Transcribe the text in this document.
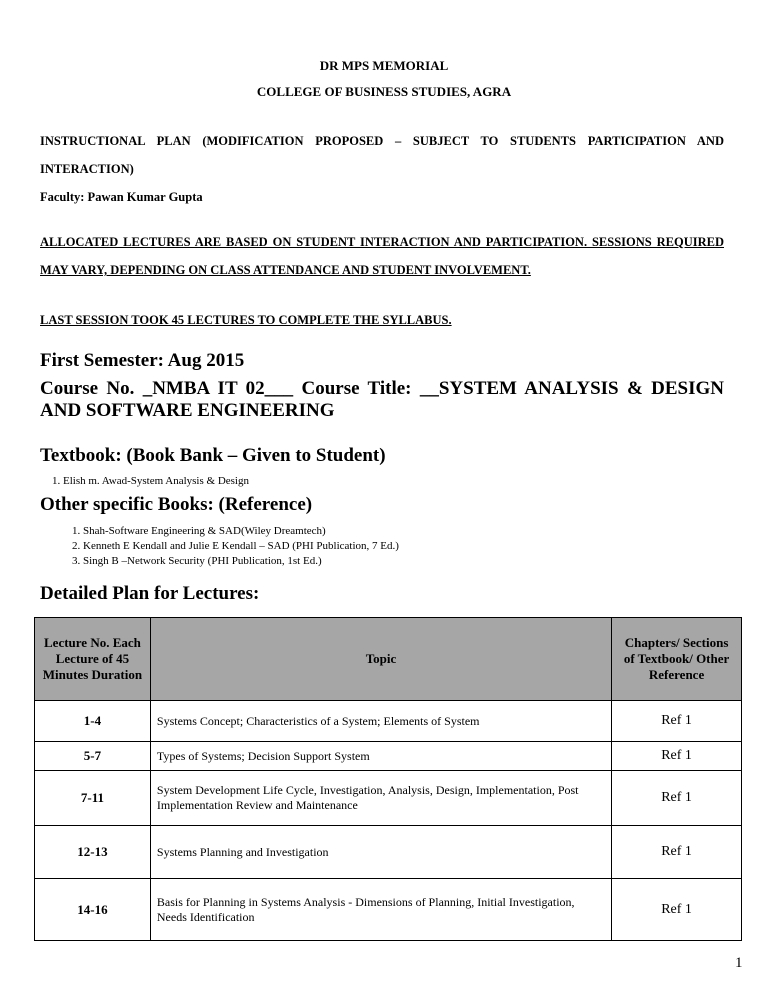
DR MPS MEMORIAL
COLLEGE OF BUSINESS STUDIES, AGRA
INSTRUCTIONAL PLAN (MODIFICATION PROPOSED – SUBJECT TO STUDENTS PARTICIPATION AND INTERACTION)
Faculty: Pawan Kumar Gupta
ALLOCATED LECTURES ARE BASED ON STUDENT INTERACTION AND PARTICIPATION. SESSIONS REQUIRED MAY VARY, DEPENDING ON CLASS ATTENDANCE AND STUDENT INVOLVEMENT.
LAST SESSION TOOK 45 LECTURES TO COMPLETE THE SYLLABUS.
First Semester: Aug 2015
Course No. _NMBA IT 02___ Course Title: __SYSTEM ANALYSIS & DESIGN AND SOFTWARE ENGINEERING
Textbook: (Book Bank – Given to Student)
1. Elish m. Awad-System Analysis & Design
Other specific Books: (Reference)
1. Shah-Software Engineering & SAD(Wiley Dreamtech)
2. Kenneth E Kendall and Julie E Kendall – SAD (PHI Publication, 7 Ed.)
3. Singh B –Network Security (PHI Publication, 1st Ed.)
Detailed Plan for Lectures:
Lecture No. Each Lecture of 45 Minutes Duration	Topic	Chapters/ Sections of Textbook/ Other Reference
1-4	Systems Concept; Characteristics of a System; Elements of System	Ref 1
5-7	Types of Systems; Decision Support System	Ref 1
7-11	System Development Life Cycle, Investigation, Analysis, Design, Implementation, Post Implementation Review and Maintenance	Ref 1
12-13	Systems Planning and Investigation	Ref 1
14-16	Basis for Planning in Systems Analysis - Dimensions of Planning, Initial Investigation, Needs Identification	Ref 1
1
